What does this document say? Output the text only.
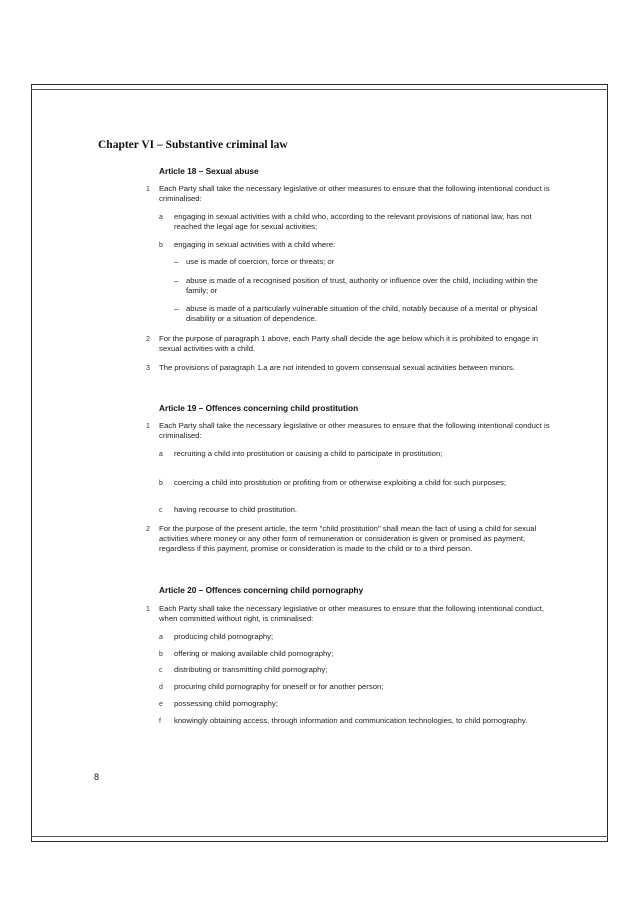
Chapter VI – Substantive criminal law
Article 18 – Sexual abuse
1	Each Party shall take the necessary legislative or other measures to ensure that the following intentional conduct is criminalised:
a	engaging in sexual activities with a child who, according to the relevant provisions of national law, has not reached the legal age for sexual activities;
b	engaging in sexual activities with a child where:
– use is made of coercion, force or threats; or
– abuse is made of a recognised position of trust, authority or influence over the child, including within the family; or
– abuse is made of a particularly vulnerable situation of the child, notably because of a mental or physical disability or a situation of dependence.
2	For the purpose of paragraph 1 above, each Party shall decide the age below which it is prohibited to engage in sexual activities with a child.
3	The provisions of paragraph 1.a are not intended to govern consensual sexual activities between minors.
Article 19 – Offences concerning child prostitution
1	Each Party shall take the necessary legislative or other measures to ensure that the following intentional conduct is criminalised:
a	recruiting a child into prostitution or causing a child to participate in prostitution;
b	coercing a child into prostitution or profiting from or otherwise exploiting a child for such purposes;
c	having recourse to child prostitution.
2	For the purpose of the present article, the term "child prostitution" shall mean the fact of using a child for sexual activities where money or any other form of remuneration or consideration is given or promised as payment, regardless if this payment, promise or consideration is made to the child or to a third person.
Article 20 – Offences concerning child pornography
1	Each Party shall take the necessary legislative or other measures to ensure that the following intentional conduct, when committed without right, is criminalised:
a	producing child pornography;
b	offering or making available child pornography;
c	distributing or transmitting child pornography;
d	procuring child pornography for oneself or for another person;
e	possessing child pornography;
f	knowingly obtaining access, through information and communication technologies, to child pornography.
8
